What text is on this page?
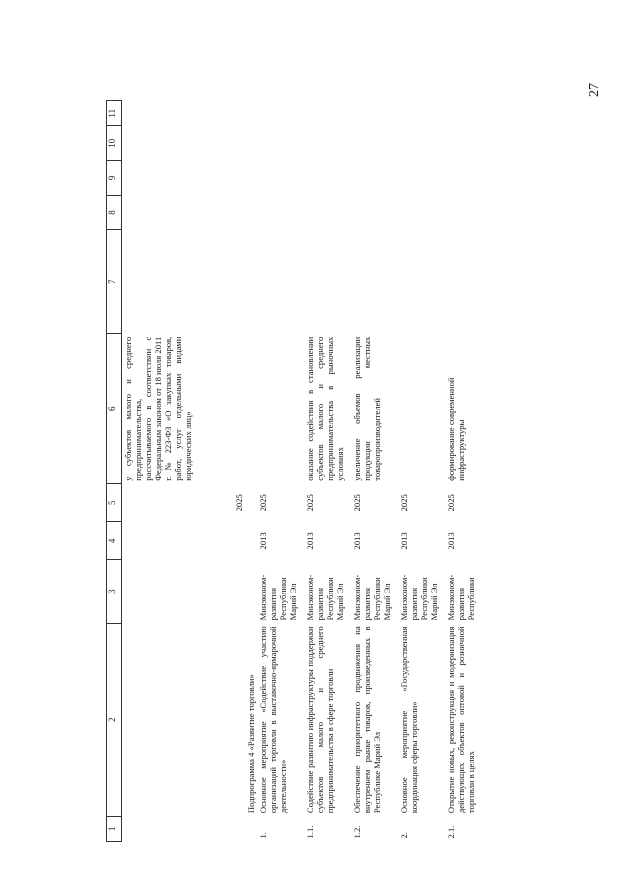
27
1	2	3	4	5	6	7	8	9	10	11
				2025	у субъектов малого и среднего предпринимательства, рассчитываемого в соответствии с Федеральным законом от 18 июля 2011 г. № 223-ФЗ «О закупках товаров, работ, услуг отдельными видами юридических лиц»					
	Подпрограмма 4 «Развитие торговли»									
1.	Основное мероприятие «Содействие участию организаций торговли в выставочно-ярмарочной деятельности»	Минэконом-развития Республики Марий Эл	2013	2025						
1.1.	Содействие развитию инфраструктуры поддержки субъектов малого и среднего предпринимательства в сфере торговли	Минэконом-развития Республики Марий Эл	2013	2025	оказание содействия в становлении субъектов малого и среднего предпринимательства в рыночных условиях					
1.2.	Обеспечение приоритетного продвижения на внутреннем рынке товаров, произведенных в Республике Марий Эл	Минэконом-развития Республики Марий Эл	2013	2025	увеличение объемов реализации продукции местных товаропроизводителей					
2.	Основное мероприятие «Государственная координация сферы торговли»	Минэконом-развития Республики Марий Эл	2013	2025						
2.1.	Открытие новых, реконструкция и модернизация действующих объектов оптовой и розничной торговли в целях	Минэконом-развития Республики	2013	2025	формирование современной инфраструктуры					
